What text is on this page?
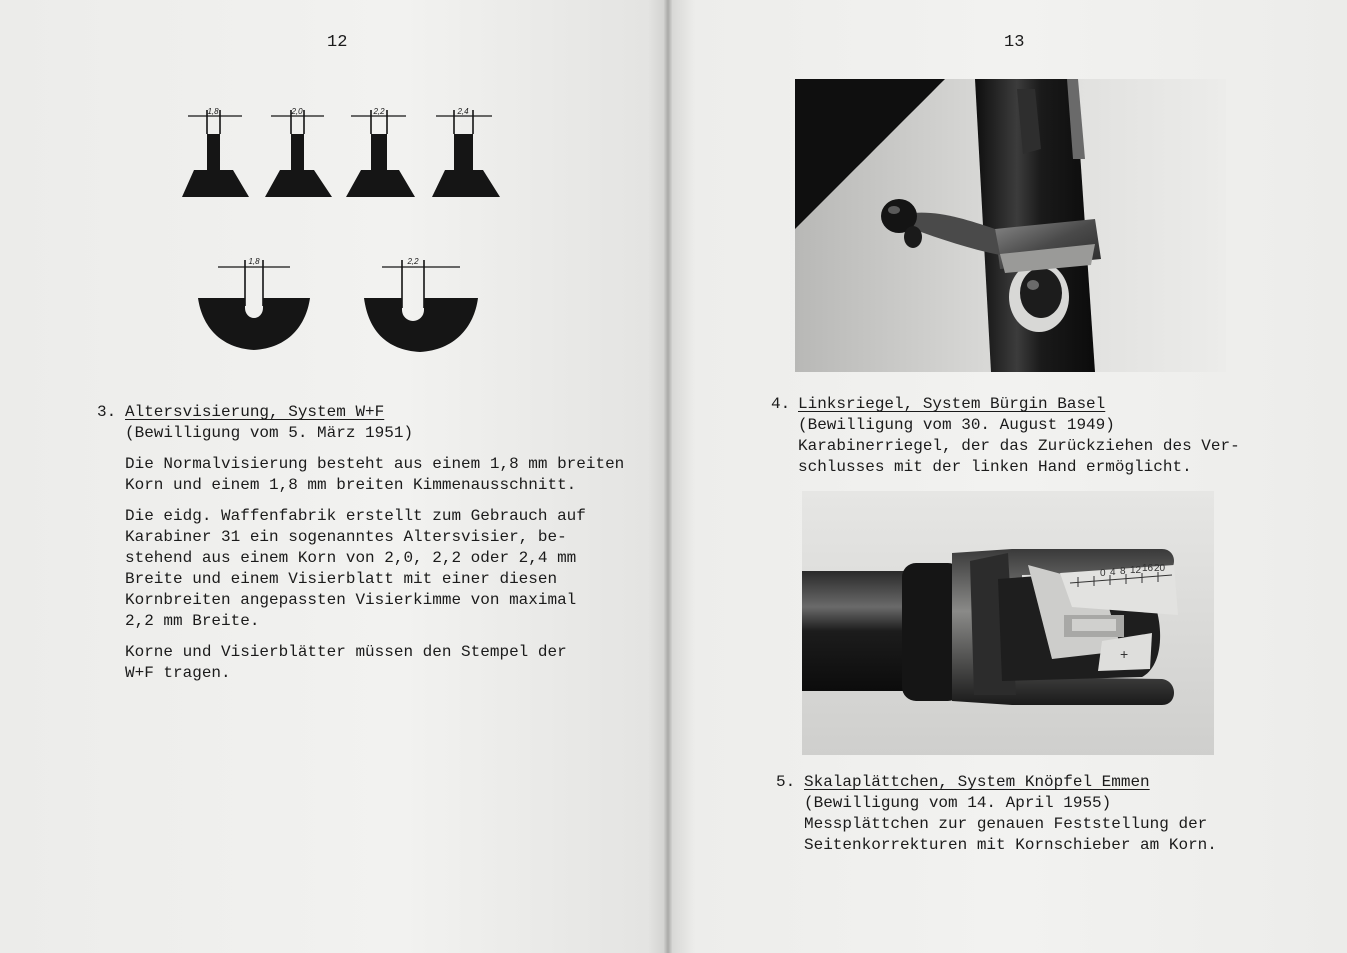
12	13
1,8	2,0	2,2	2,4
1,8	2,2
3. Altersvisierung, System W+F
(Bewilligung vom 5. März 1951)
Die Normalvisierung besteht aus einem 1,8 mm breiten
Korn und einem 1,8 mm breiten Kimmenausschnitt.
Die eidg. Waffenfabrik erstellt zum Gebrauch auf
Karabiner 31 ein sogenanntes Altersvisier, be-
stehend aus einem Korn von 2,0, 2,2 oder 2,4 mm
Breite und einem Visierblatt mit einer diesen
Kornbreiten angepassten Visierkimme von maximal
2,2 mm Breite.
Korne und Visierblätter müssen den Stempel der
W+F tragen.
4. Linksriegel, System Bürgin Basel
(Bewilligung vom 30. August 1949)
Karabinerriegel, der das Zurückziehen des Ver-
schlusses mit der linken Hand ermöglicht.
20
16
12
8
4
0
+
5. Skalaplättchen, System Knöpfel Emmen
(Bewilligung vom 14. April 1955)
Messplättchen zur genauen Feststellung der
Seitenkorrekturen mit Kornschieber am Korn.
